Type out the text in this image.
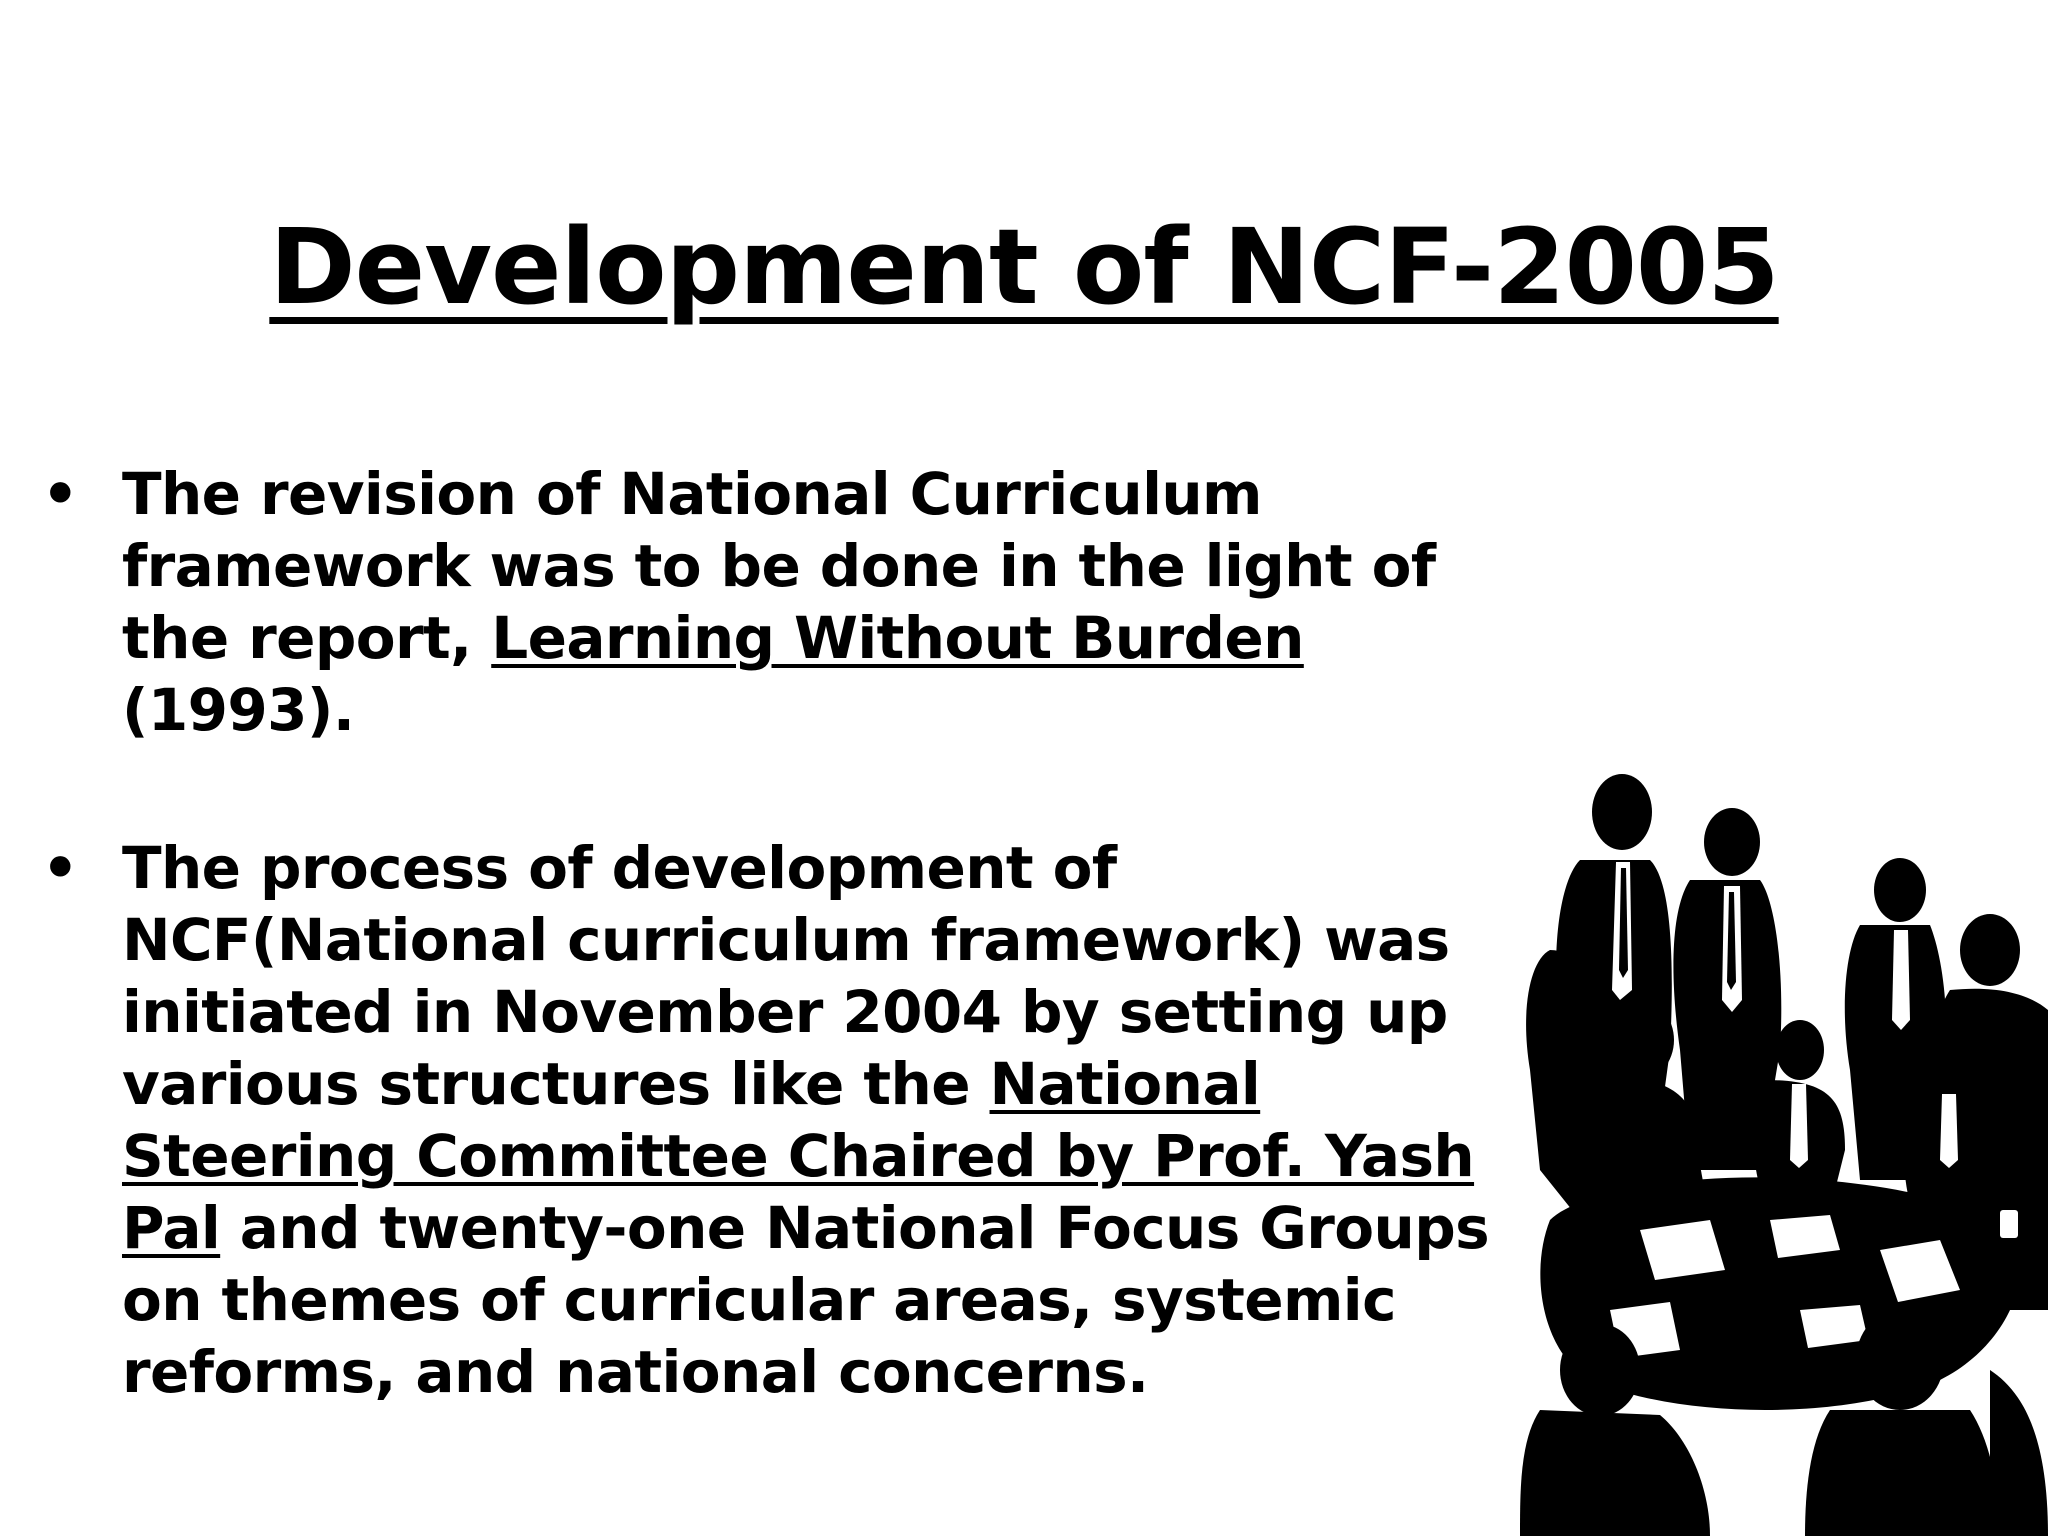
Development of NCF-2005
• The revision of National Curriculum framework was to be done in the light of the report, Learning Without Burden (1993).
• The process of development of NCF(National curriculum framework) was initiated in November 2004 by setting up various structures like the National Steering Committee Chaired by Prof. Yash Pal and twenty-one National Focus Groups on themes of curricular areas, systemic reforms, and national concerns.
